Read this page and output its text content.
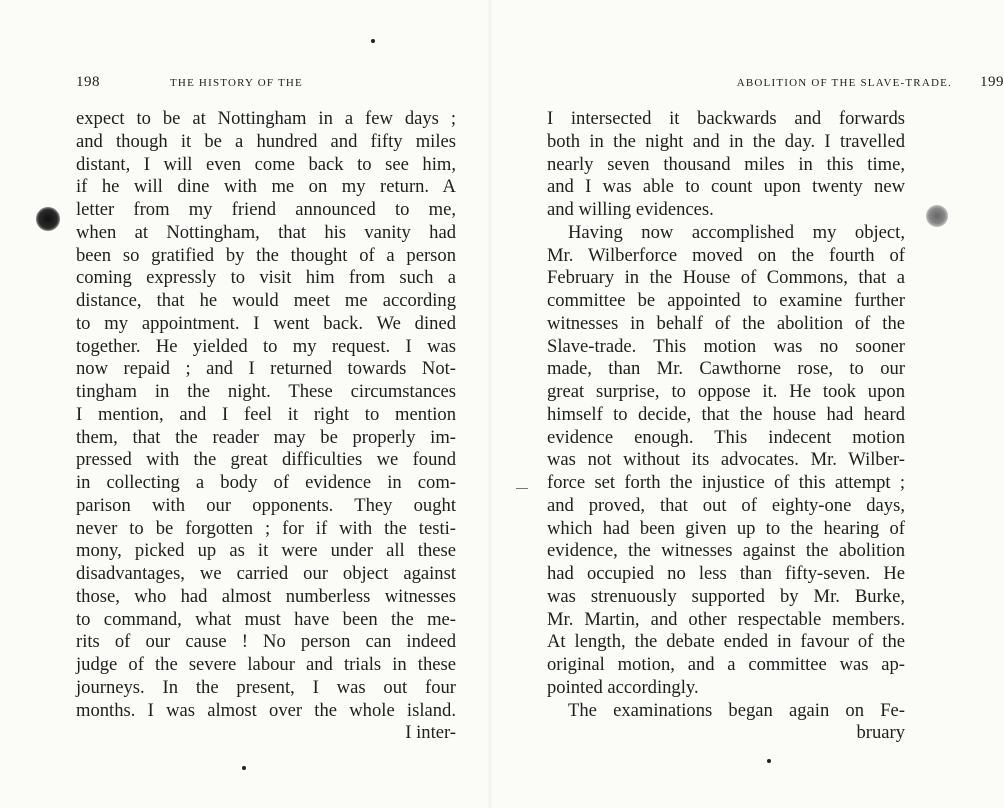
198	THE HISTORY OF THE
expect to be at Nottingham in a few days ;
and though it be a hundred and fifty miles
distant, I will even come back to see him,
if he will dine with me on my return. A
letter from my friend announced to me,
when at Nottingham, that his vanity had
been so gratified by the thought of a person
coming expressly to visit him from such a
distance, that he would meet me according
to my appointment. I went back. We dined
together. He yielded to my request. I was
now repaid ; and I returned towards Not-
tingham in the night. These circumstances
I mention, and I feel it right to mention
them, that the reader may be properly im-
pressed with the great difficulties we found
in collecting a body of evidence in com-
parison with our opponents. They ought
never to be forgotten ; for if with the testi-
mony, picked up as it were under all these
disadvantages, we carried our object against
those, who had almost numberless witnesses
to command, what must have been the me-
rits of our cause ! No person can indeed
judge of the severe labour and trials in these
journeys. In the present, I was out four
months. I was almost over the whole island.
I inter-
ABOLITION OF THE SLAVE-TRADE. 199
I intersected it backwards and forwards
both in the night and in the day. I travelled
nearly seven thousand miles in this time,
and I was able to count upon twenty new
and willing evidences.
Having now accomplished my object,
Mr. Wilberforce moved on the fourth of
February in the House of Commons, that a
committee be appointed to examine further
witnesses in behalf of the abolition of the
Slave-trade. This motion was no sooner
made, than Mr. Cawthorne rose, to our
great surprise, to oppose it. He took upon
himself to decide, that the house had heard
evidence enough. This indecent motion
was not without its advocates. Mr. Wilber-
force set forth the injustice of this attempt ;
and proved, that out of eighty-one days,
which had been given up to the hearing of
evidence, the witnesses against the abolition
had occupied no less than fifty-seven. He
was strenuously supported by Mr. Burke,
Mr. Martin, and other respectable members.
At length, the debate ended in favour of the
original motion, and a committee was ap-
pointed accordingly.
The examinations began again on Fe-
bruary
